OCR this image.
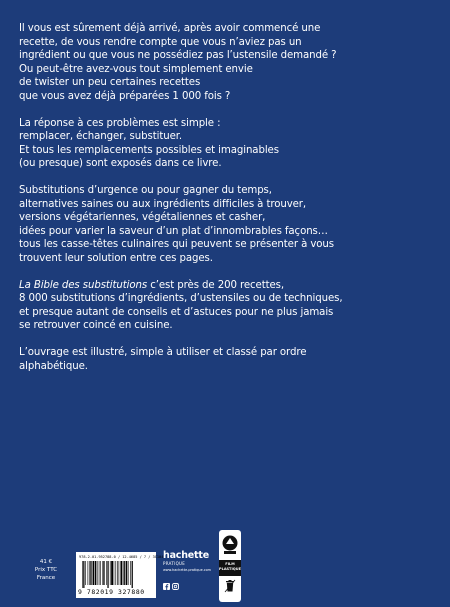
Il vous est sûrement déjà arrivé, après avoir commencé une
recette, de vous rendre compte que vous n’aviez pas un
ingrédient ou que vous ne possédiez pas l’ustensile demandé ?
Ou peut-être avez-vous tout simplement envie
de twister un peu certaines recettes
que vous avez déjà préparées 1 000 fois ?

La réponse à ces problèmes est simple :
remplacer, échanger, substituer.
Et tous les remplacements possibles et imaginables
(ou presque) sont exposés dans ce livre.

Substitutions d’urgence ou pour gagner du temps,
alternatives saines ou aux ingrédients difficiles à trouver,
versions végétariennes, végétaliennes et casher,
idées pour varier la saveur d’un plat d’innombrables façons…
tous les casse-têtes culinaires qui peuvent se présenter à vous
trouvent leur solution entre ces pages.

La Bible des substitutions c’est près de 200 recettes,
8 000 substitutions d’ingrédients, d’ustensiles ou de techniques,
et presque autant de conseils et d’astuces pour ne plus jamais
se retrouver coincé en cuisine.

L’ouvrage est illustré, simple à utiliser et classé par ordre
alphabétique.

41 €
Prix TTC
France
978-2-01-952788-0 / 12-4685 / 7 / 3C104
9 782019 327880
hachette
PRATIQUE
www.hachette-pratique.com
FILM PLASTIQUE
